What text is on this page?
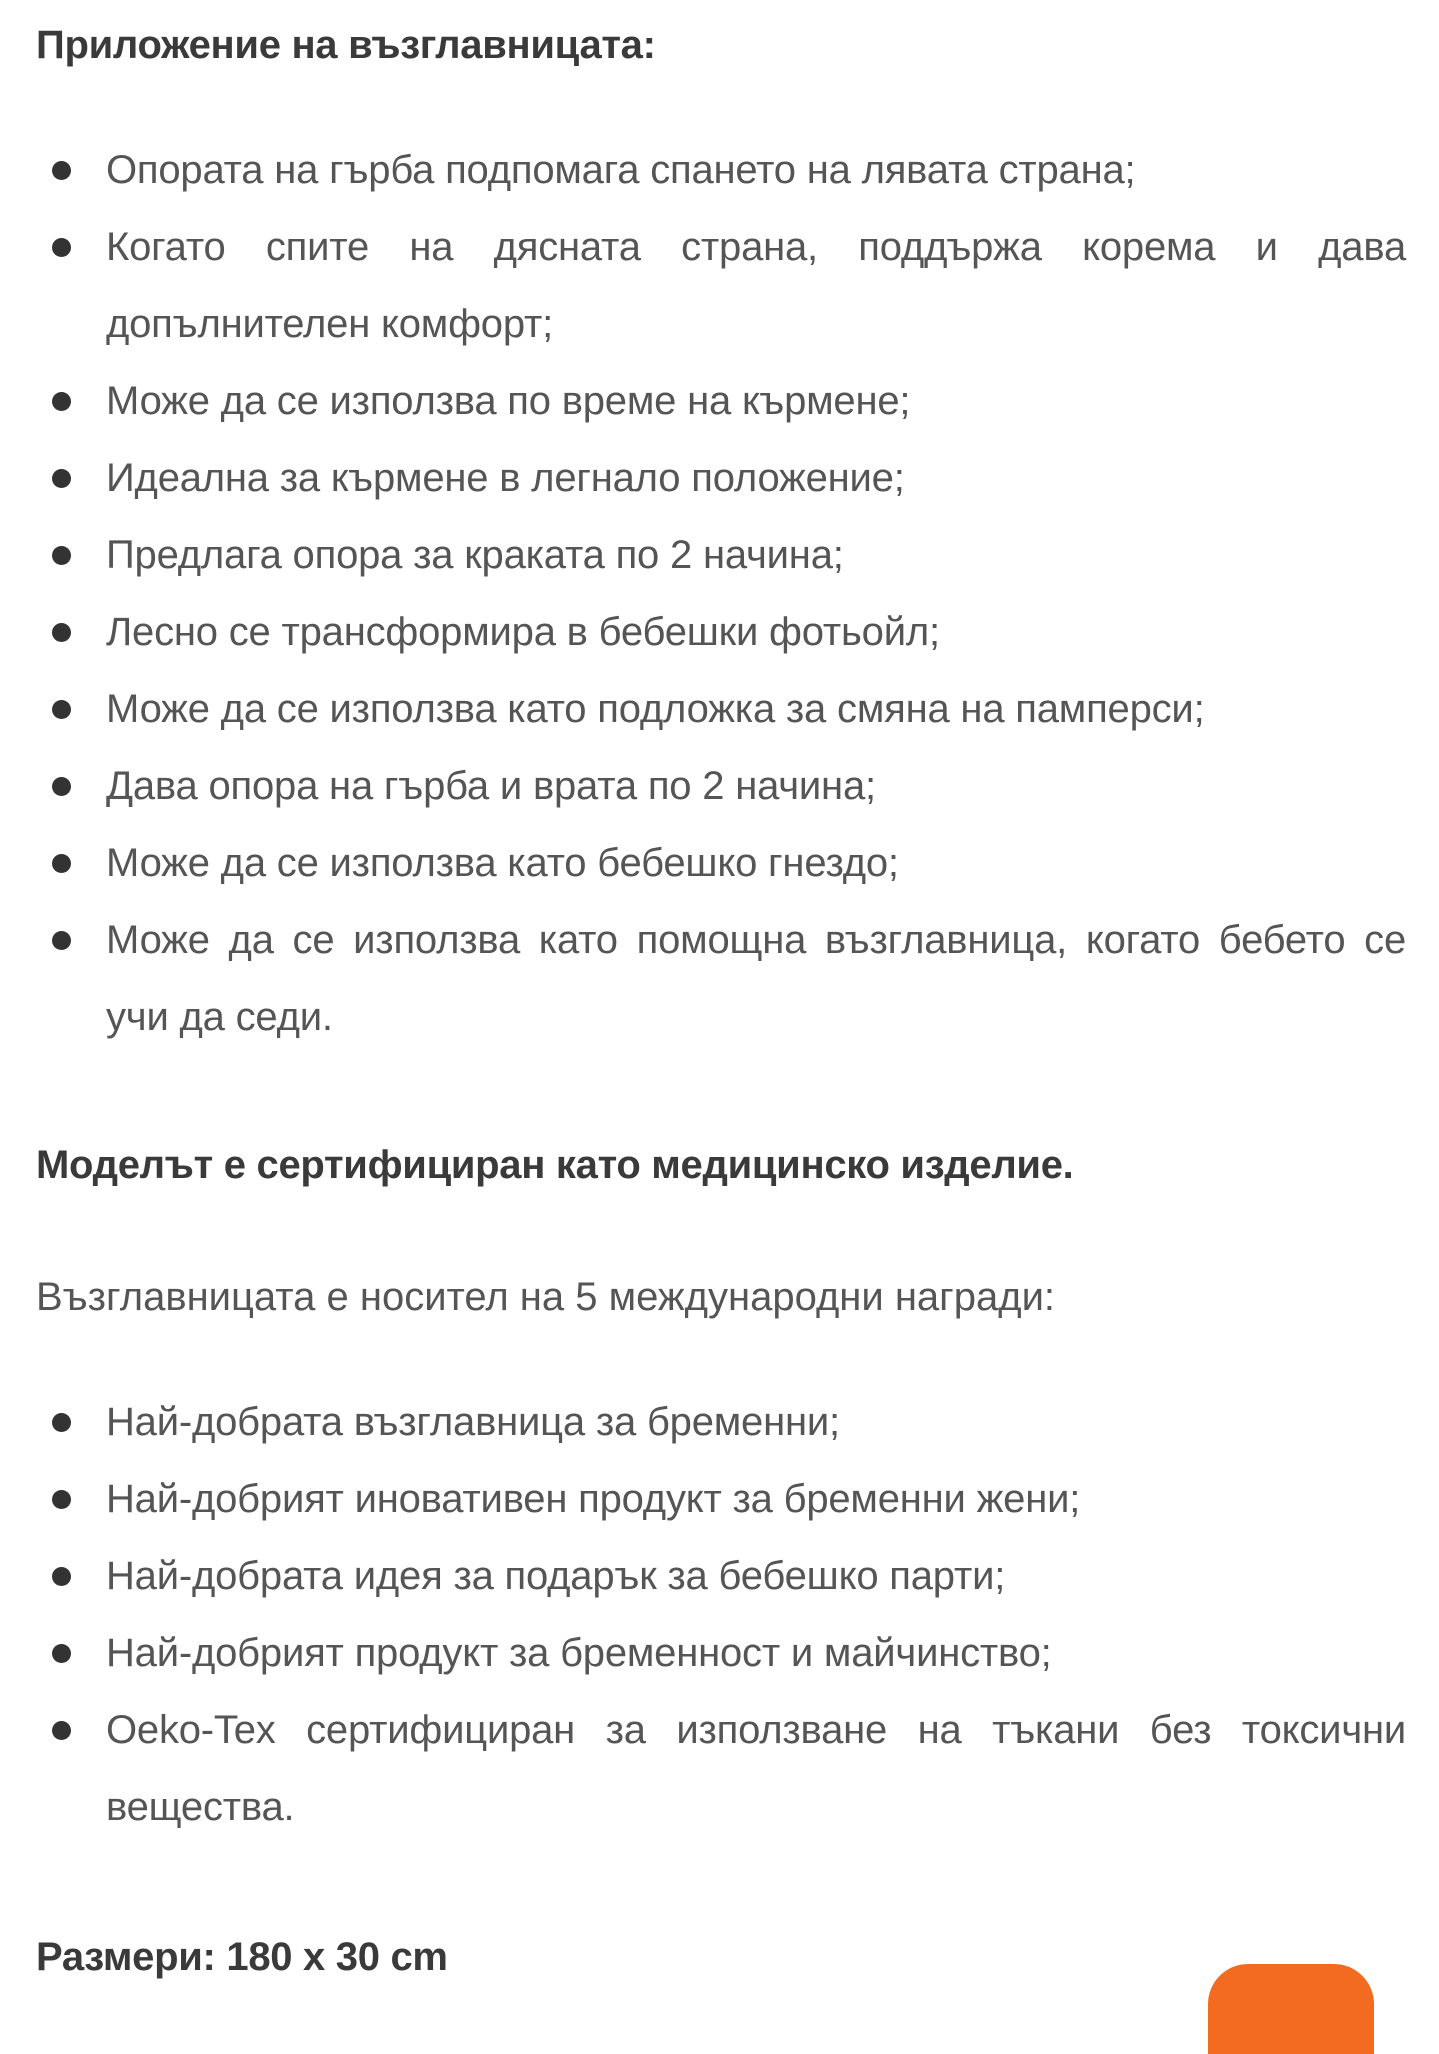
Приложение на възглавницата:
Опората на гърба подпомага спането на лявата страна;
Когато спите на дясната страна, поддържа корема и дава допълнителен комфорт;
Може да се използва по време на кърмене;
Идеална за кърмене в легнало положение;
Предлага опора за краката по 2 начина;
Лесно се трансформира в бебешки фотьойл;
Може да се използва като подложка за смяна на памперси;
Дава опора на гърба и врата по 2 начина;
Може да се използва като бебешко гнездо;
Може да се използва като помощна възглавница, когато бебето се учи да седи.
Моделът е сертифициран като медицинско изделие.

Възглавницата е носител на 5 международни награди:

Най-добрата възглавница за бременни;
Най-добрият иновативен продукт за бременни жени;
Най-добрата идея за подарък за бебешко парти;
Най-добрият продукт за бременност и майчинство;
Oeko-Tex сертифициран за използване на тъкани без токсични вещества.
Размери: 180 x 30 cm
